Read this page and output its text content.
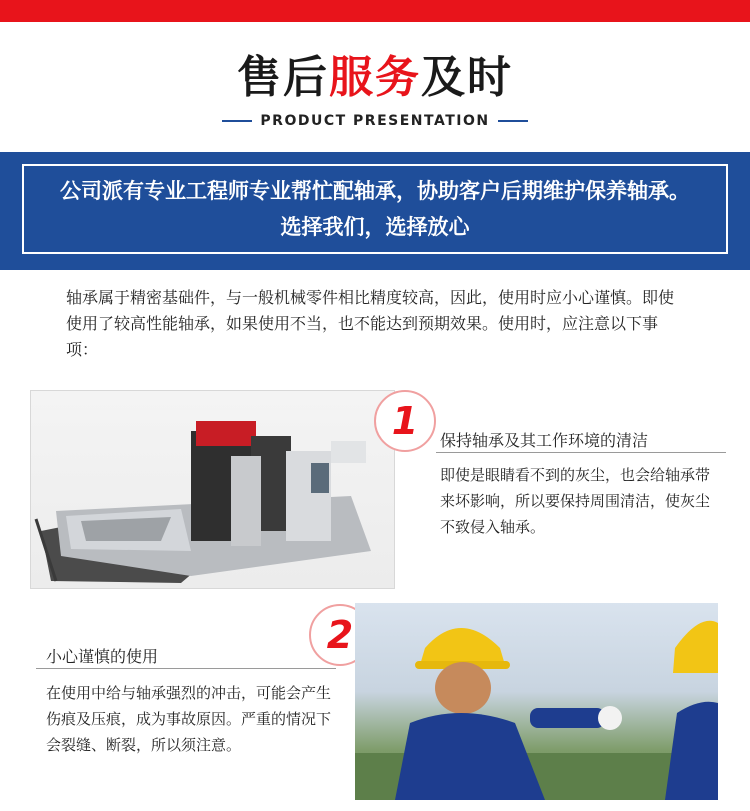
售后服务及时
PRODUCT PRESENTATION
公司派有专业工程师专业帮忙配轴承，协助客户后期维护保养轴承。
选择我们，选择放心
轴承属于精密基础件，与一般机械零件相比精度较高，因此，使用时应小心谨慎。即使使用了较高性能轴承，如果使用不当，也不能达到预期效果。使用时，应注意以下事项：
1	保持轴承及其工作环境的清洁
即使是眼睛看不到的灰尘，也会给轴承带来坏影响，所以要保持周围清洁，使灰尘不致侵入轴承。
2
小心谨慎的使用
在使用中给与轴承强烈的冲击，可能会产生伤痕及压痕，成为事故原因。严重的情况下会裂缝、断裂，所以须注意。
